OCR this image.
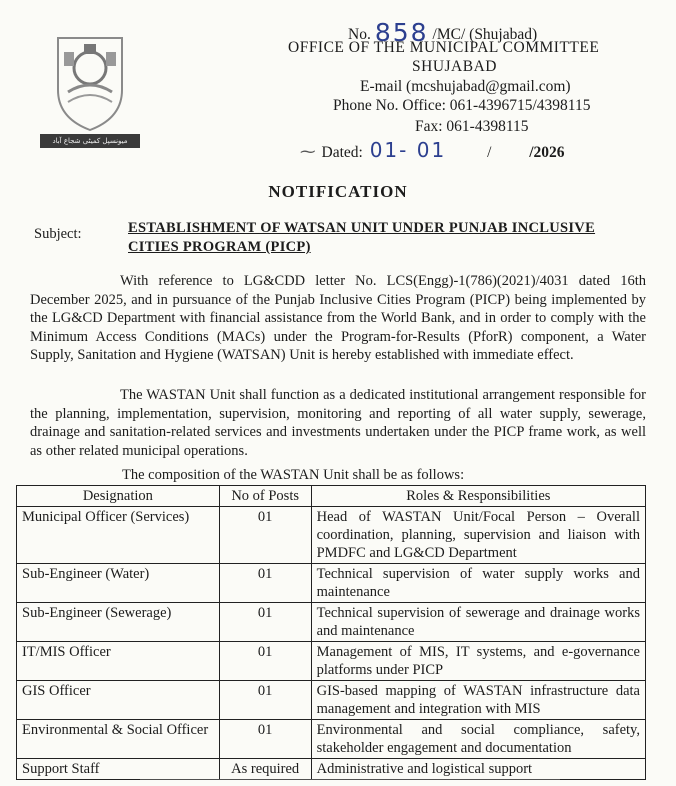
میونسپل کمیٹی شجاع آباد
No. 858 /MC/ (Shujabad)
OFFICE OF THE MUNICIPAL COMMITTEE
SHUJABAD
E-mail (mcshujabad@gmail.com)
Phone No. Office: 061-4396715/4398115
Fax: 061-4398115
⁓ Dated: 01- 01	/ /2026
NOTIFICATION
Subject:	ESTABLISHMENT OF WATSAN UNIT UNDER PUNJAB INCLUSIVE CITIES PROGRAM (PICP)
With reference to LG&CDD letter No. LCS(Engg)-1(786)(2021)/4031 dated 16th December 2025, and in pursuance of the Punjab Inclusive Cities Program (PICP) being implemented by the LG&CD Department with financial assistance from the World Bank, and in order to comply with the Minimum Access Conditions (MACs) under the Program-for-Results (PforR) component, a Water Supply, Sanitation and Hygiene (WATSAN) Unit is hereby established with immediate effect.
The WASTAN Unit shall function as a dedicated institutional arrangement responsible for the planning, implementation, supervision, monitoring and reporting of all water supply, sewerage, drainage and sanitation-related services and investments undertaken under the PICP frame work, as well as other related municipal operations.
The composition of the WASTAN Unit shall be as follows:
Designation	No of Posts	Roles & Responsibilities
Municipal Officer (Services)	01	Head of WASTAN Unit/Focal Person – Overall coordination, planning, supervision and liaison with PMDFC and LG&CD Department
Sub-Engineer (Water)	01	Technical supervision of water supply works and maintenance
Sub-Engineer (Sewerage)	01	Technical supervision of sewerage and drainage works and maintenance
IT/MIS Officer	01	Management of MIS, IT systems, and e-governance platforms under PICP
GIS Officer	01	GIS-based mapping of WASTAN infrastructure data management and integration with MIS
Environmental & Social Officer	01	Environmental and social compliance, safety, stakeholder engagement and documentation
Support Staff	As required	Administrative and logistical support
